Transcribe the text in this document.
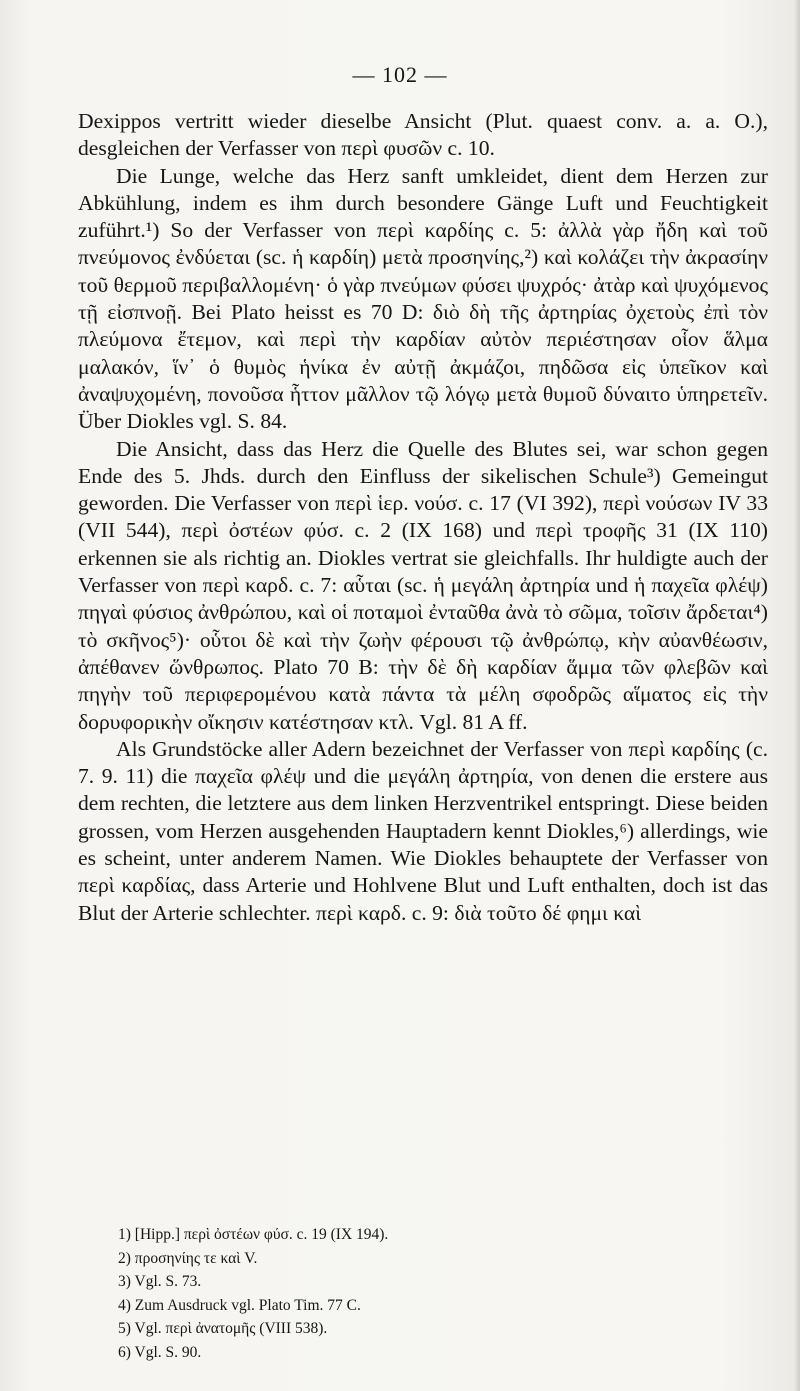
— 102 —

Dexippos vertritt wieder dieselbe Ansicht (Plut. quaest conv. a. a. O.), desgleichen der Verfasser von περὶ φυσῶν c. 10.

Die Lunge, welche das Herz sanft umkleidet, dient dem Herzen zur Abkühlung, indem es ihm durch besondere Gänge Luft und Feuchtigkeit zuführt.¹) So der Verfasser von περὶ καρδίης c. 5: ἀλλὰ γὰρ ἤδη καὶ τοῦ πνεύμονος ἐνδύεται (sc. ἡ καρδίη) μετὰ προσηνίης,²) καὶ κολάζει τὴν ἀκρασίην τοῦ θερμοῦ περιβαλλομένη· ὁ γὰρ πνεύμων φύσει ψυχρός· ἀτὰρ καὶ ψυχόμενος τῇ εἰσπνοῇ. Bei Plato heisst es 70 D: διὸ δὴ τῆς ἀρτηρίας ὀχετοὺς ἐπὶ τὸν πλεύμονα ἔτεμον, καὶ περὶ τὴν καρδίαν αὐτὸν περιέστησαν οἷον ἅλμα μαλακόν, ἵν᾽ ὁ θυμὸς ἡνίκα ἐν αὐτῇ ἀκμάζοι, πηδῶσα εἰς ὑπεῖκον καὶ ἀναψυχομένη, πονοῦσα ἧττον μᾶλλον τῷ λόγῳ μετὰ θυμοῦ δύναιτο ὑπηρετεῖν. Über Diokles vgl. S. 84.

Die Ansicht, dass das Herz die Quelle des Blutes sei, war schon gegen Ende des 5. Jhds. durch den Einfluss der sikelischen Schule³) Gemeingut geworden. Die Verfasser von περὶ ἱερ. νούσ. c. 17 (VI 392), περὶ νούσων IV 33 (VII 544), περὶ ὀστέων φύσ. c. 2 (IX 168) und περὶ τροφῆς 31 (IX 110) erkennen sie als richtig an. Diokles vertrat sie gleichfalls. Ihr huldigte auch der Verfasser von περὶ καρδ. c. 7: αὗται (sc. ἡ μεγάλη ἀρτηρία und ἡ παχεῖα φλέψ) πηγαὶ φύσιος ἀνθρώπου, καὶ οἱ ποταμοὶ ἐνταῦθα ἀνὰ τὸ σῶμα, τοῖσιν ἄρδεται⁴) τὸ σκῆνος⁵)· οὗτοι δὲ καὶ τὴν ζωὴν φέρουσι τῷ ἀνθρώπῳ, κὴν αὐανθέωσιν, ἀπέθανεν ὥνθρωπος. Plato 70 B: τὴν δὲ δὴ καρδίαν ἅμμα τῶν φλεβῶν καὶ πηγὴν τοῦ περιφερομένου κατὰ πάντα τὰ μέλη σφοδρῶς αἵματος εἰς τὴν δορυφορικὴν οἴκησιν κατέστησαν κτλ. Vgl. 81 A ff.

Als Grundstöcke aller Adern bezeichnet der Verfasser von περὶ καρδίης (c. 7. 9. 11) die παχεῖα φλέψ und die μεγάλη ἀρτηρία, von denen die erstere aus dem rechten, die letztere aus dem linken Herzventrikel entspringt. Diese beiden grossen, vom Herzen ausgehenden Hauptadern kennt Diokles,⁶) allerdings, wie es scheint, unter anderem Namen. Wie Diokles behauptete der Verfasser von περὶ καρδίας, dass Arterie und Hohlvene Blut und Luft enthalten, doch ist das Blut der Arterie schlechter. περὶ καρδ. c. 9: διὰ τοῦτο δέ φημι καὶ

1) [Hipp.] περὶ ὀστέων φύσ. c. 19 (IX 194).
2) προσηνίης τε καὶ V.
3) Vgl. S. 73.
4) Zum Ausdruck vgl. Plato Tim. 77 C.
5) Vgl. περὶ ἀνατομῆς (VIII 538).
6) Vgl. S. 90.
